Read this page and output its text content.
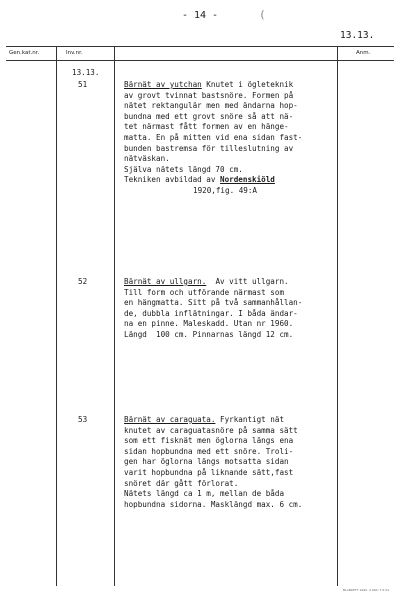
- 14 -	(
13.13.
Gen.kat.nr.	Inv.nr.	Anm.
13.13.
51	Bärnät av yutchan Knutet i ögleteknik
av grovt tvinnat bastsnöre. Formen på
nätet rektangulär men med ändarna hop-
bundna med ett grovt snöre så att nä-
tet närmast fått formen av en hänge-
matta. En på mitten vid ena sidan fast-
bunden bastremsa för tilleslutning av
nätväskan.
Själva nätets längd 70 cm.
Tekniken avbildad av Nordenskiöld
1920,fig. 49:A
52	Bärnät av ullgarn.  Av vitt ullgarn.
Till form och utförande närmast som
en hängmatta. Sitt på två sammanhållan-
de, dubbla inflätningar. I båda ändar-
na en pinne. Maleskadd. Utan nr 1960.
Längd  100 cm. Pinnarnas längd 12 cm.
53	Bärnät av caraguata. Fyrkantigt nät
knutet av caraguatasnöre på samma sätt
som ett fisknät men öglorna längs ena
sidan hopbundna med ett snöre. Troli-
gen har öglorna längs motsatta sidan
varit hopbundna på liknande sätt,fast
snöret där gått förlorat.
Nätets längd ca 1 m, mellan de båda
hopbundna sidorna. Masklängd max. 6 cm.
BLANKETT 1942. 4.000. 7.5.51.
